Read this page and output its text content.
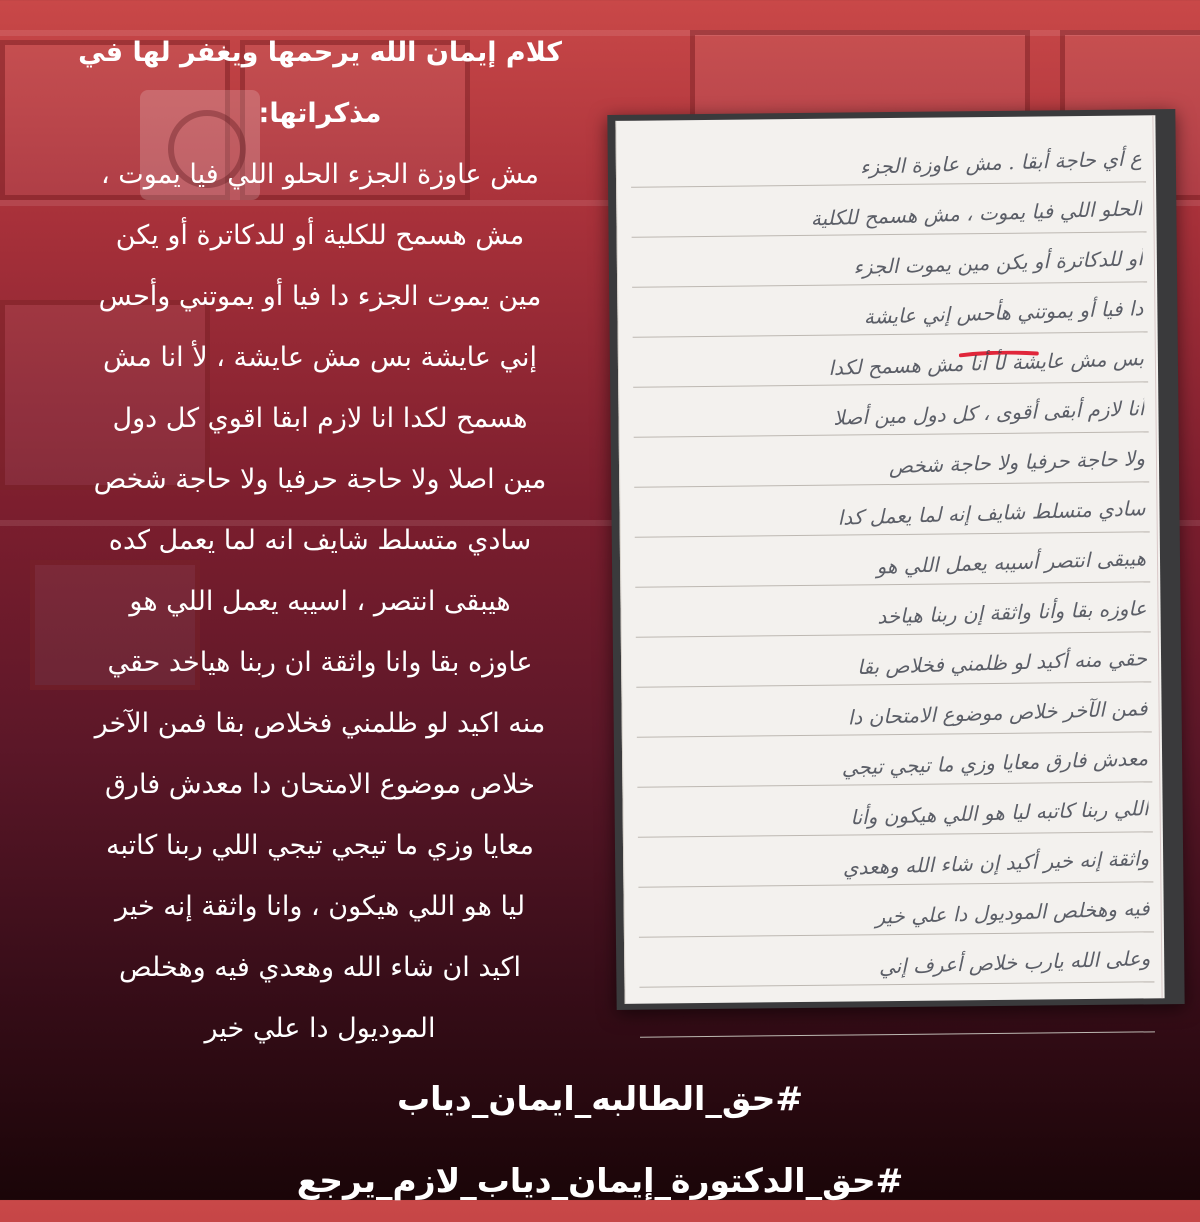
كلام إيمان الله يرحمها ويغفر لها في
مذكراتها:
مش عاوزة الجزء الحلو اللي فيا يموت ،
مش هسمح للكلية أو للدكاترة أو يكن
مين يموت الجزء دا فيا أو يموتني وأحس
إني عايشة بس مش عايشة ، لأ انا مش
هسمح لكدا انا لازم ابقا اقوي كل دول
مين اصلا ولا حاجة حرفيا ولا حاجة شخص
سادي متسلط شايف انه لما يعمل كده
هيبقى انتصر ، اسيبه يعمل اللي هو
عاوزه بقا وانا واثقة ان ربنا هياخد حقي
منه اكيد لو ظلمني فخلاص بقا فمن الآخر
خلاص موضوع الامتحان دا معدش فارق
معايا وزي ما تيجي تيجي اللي ربنا كاتبه
ليا هو اللي هيكون ، وانا واثقة إنه خير
اكيد ان شاء الله وهعدي فيه وهخلص
الموديول دا علي خير
ع أي حاجة أبقا . مش عاوزة الجزء
الحلو اللي فيا يموت ، مش هسمح للكلية
أو للدكاترة أو يكن مين يموت الجزء
دا فيا أو يموتني هأحس إني عايشة
بس مش عايشة لأ أنا مش هسمح لكدا
أنا لازم أبقى أقوى ، كل دول مين أصلا
ولا حاجة حرفيا ولا حاجة شخص
سادي متسلط شايف إنه لما يعمل كدا
هيبقى انتصر أسيبه يعمل اللي هو
عاوزه بقا وأنا واثقة إن ربنا هياخد
حقي منه أكيد لو ظلمني فخلاص بقا
فمن الآخر خلاص موضوع الامتحان دا
معدش فارق معايا وزي ما تيجي تيجي
اللي ربنا كاتبه ليا هو اللي هيكون وأنا
واثقة إنه خير أكيد إن شاء الله وهعدي
فيه وهخلص الموديول دا علي خير
وعلى الله يارب خلاص أعرف إني
#حق_الطالبه_ايمان_دياب
#حق_الدكتورة_إيمان_دياب_لازم_يرجع
